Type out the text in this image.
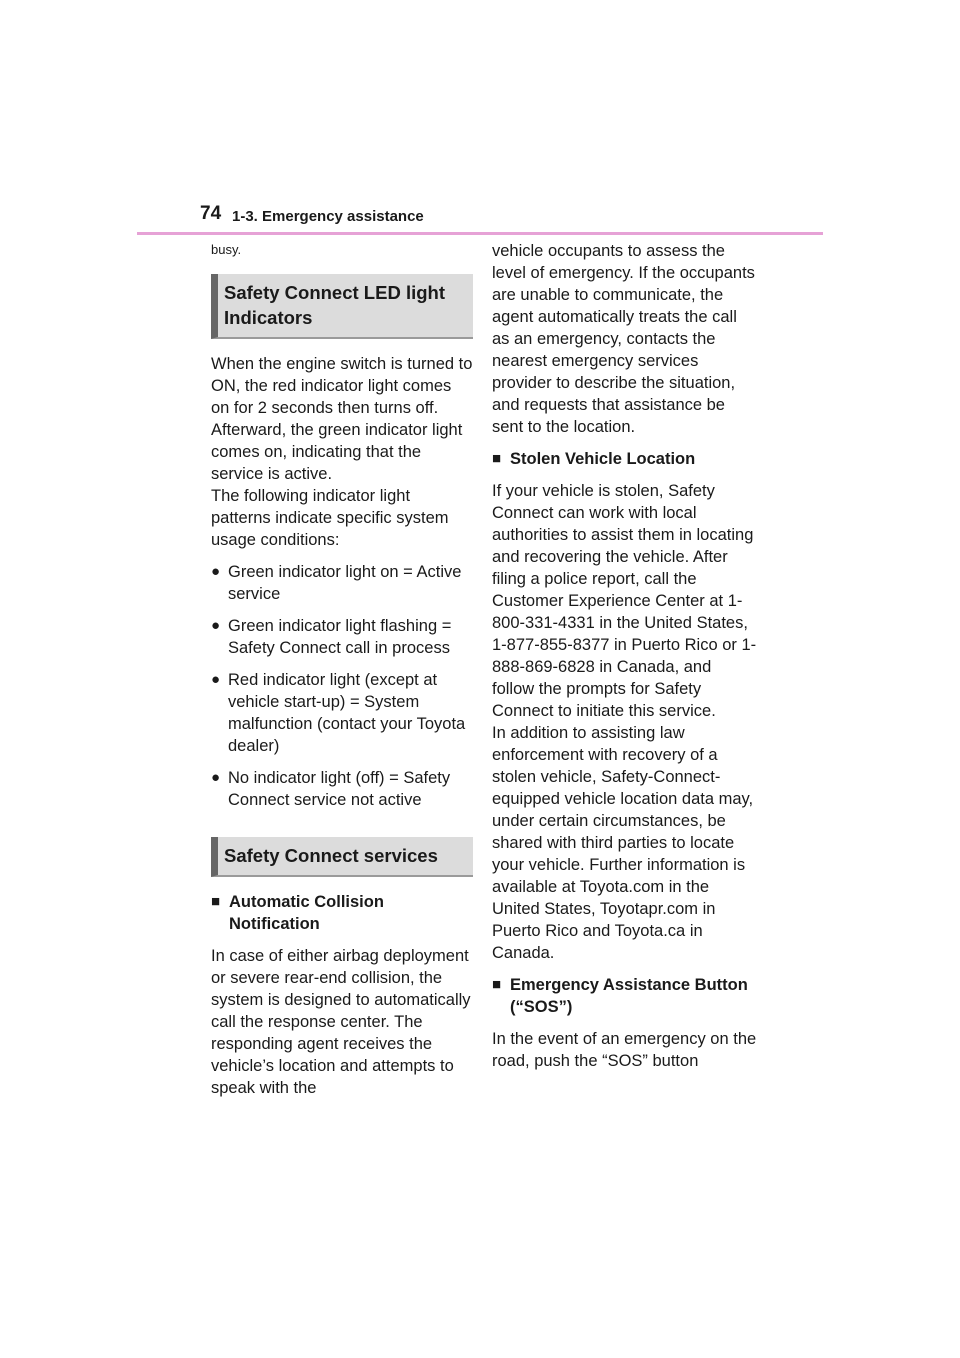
74 1-3. Emergency assistance

busy.

Safety Connect LED light Indicators

When the engine switch is turned to ON, the red indicator light comes on for 2 seconds then turns off. Afterward, the green indicator light comes on, indicating that the service is active.
The following indicator light patterns indicate specific system usage conditions:

● Green indicator light on = Active service
● Green indicator light flashing = Safety Connect call in process
● Red indicator light (except at vehicle start-up) = System malfunction (contact your Toyota dealer)
● No indicator light (off) = Safety Connect service not active
Safety Connect services
■ Automatic Collision Notification

In case of either airbag deployment or severe rear-end collision, the system is designed to automatically call the response center. The responding agent receives the vehicle’s location and attempts to speak with the

vehicle occupants to assess the level of emergency. If the occupants are unable to communicate, the agent automatically treats the call as an emergency, contacts the nearest emergency services provider to describe the situation, and requests that assistance be sent to the location.

■ Stolen Vehicle Location

If your vehicle is stolen, Safety Connect can work with local authorities to assist them in locating and recovering the vehicle. After filing a police report, call the Customer Experience Center at 1-800-331-4331 in the United States,
1-877-855-8377 in Puerto Rico or 1- 888-869-6828 in Canada, and follow the prompts for Safety Connect to initiate this service.
In addition to assisting law enforcement with recovery of a stolen vehicle, Safety-Connect-equipped vehicle location data may, under certain circumstances, be shared with third parties to locate your vehicle. Further information is available at Toyota.com in the United States, Toyotapr.com in Puerto Rico and Toyota.ca in Canada.

■ Emergency Assistance Button (“SOS”)

In the event of an emergency on the road, push the “SOS” button
